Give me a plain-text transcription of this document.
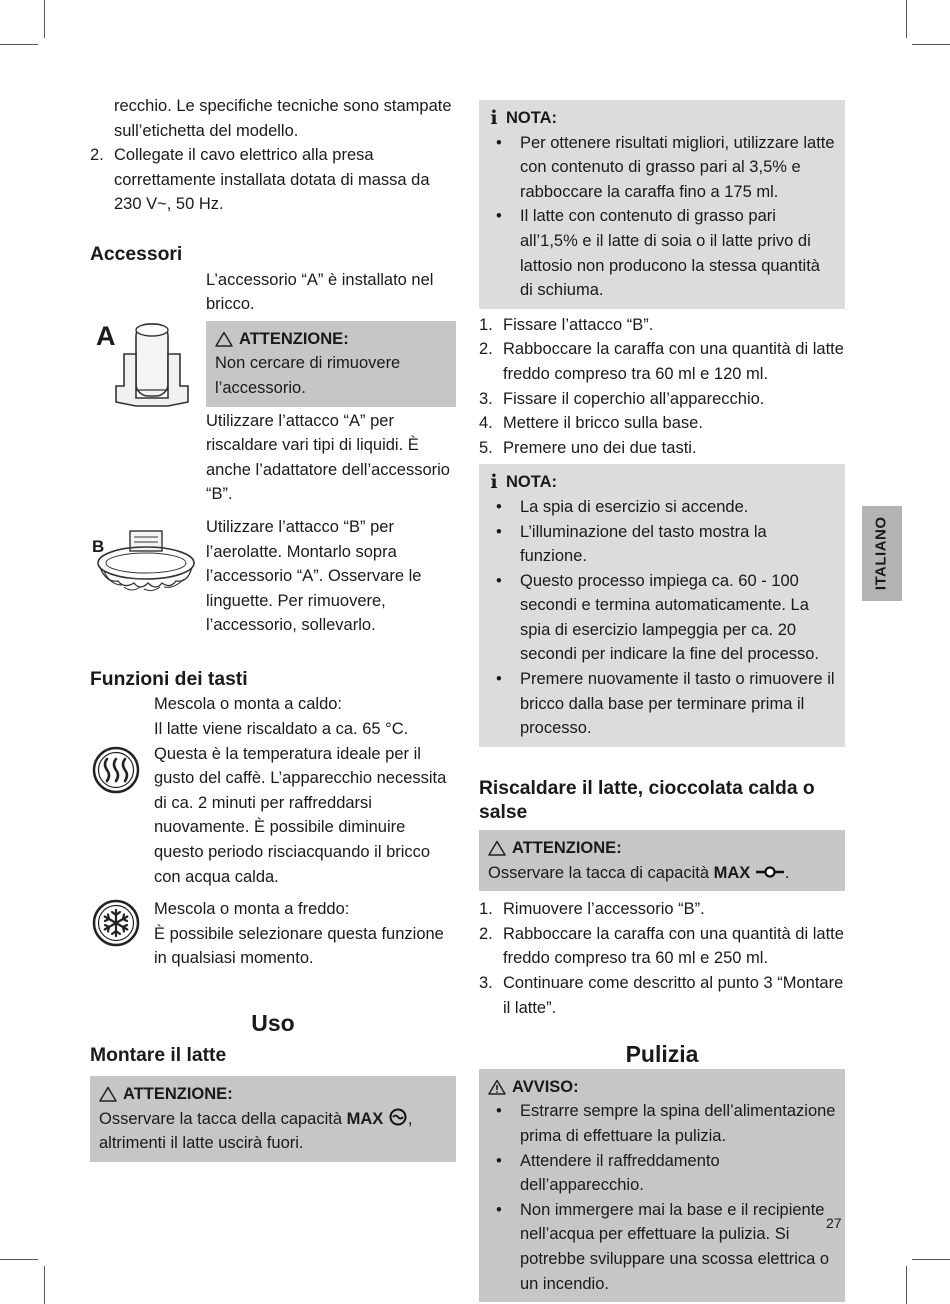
recchio. Le specifiche tecniche sono stampate
sull’etichetta del modello.

2. Collegate il cavo elettrico alla presa correttamente installata dotata di massa da 230 V~, 50 Hz.
Accessori
A

L’accessorio “A” è installato nel bricco.

ATTENZIONE:

Non cercare di rimuovere l’accessorio.

Utilizzare l’attacco “A” per riscaldare vari tipi di liquidi. È anche l’adattatore dell’accessorio “B”.

B

Utilizzare l’attacco “B” per l’aerolatte. Montarlo sopra l’accessorio “A”. Osservare le linguette. Per rimuovere, l’accessorio, sollevarlo.

Funzioni dei tasti

Mescola o monta a caldo:

Il latte viene riscaldato a ca. 65 °C. Questa è la temperatura ideale per il gusto del caffè. L’apparecchio necessita di ca. 2 minuti per raffreddarsi nuovamente. È possibile diminuire questo periodo risciacquando il bricco con acqua calda.

Mescola o monta a freddo:

È possibile selezionare questa funzione in qualsiasi momento.

Uso
Montare il latte
ATTENZIONE:

Osservare la tacca della capacità MAX , altrimenti il latte uscirà fuori.

i NOTA:
• Per ottenere risultati migliori, utilizzare latte con contenuto di grasso pari al 3,5% e rabboccare la caraffa fino a 175 ml.
• Il latte con contenuto di grasso pari all’1,5% e il latte di soia o il latte privo di lattosio non producono la stessa quantità di schiuma.
1. Fissare l’attacco “B”.
2. Rabboccare la caraffa con una quantità di latte freddo compreso tra 60 ml e 120 ml.
3. Fissare il coperchio all’apparecchio.
4. Mettere il bricco sulla base.
5. Premere uno dei due tasti.
i NOTA:
• La spia di esercizio si accende.
• L’illuminazione del tasto mostra la funzione.
• Questo processo impiega ca. 60 - 100 secondi e termina automaticamente. La spia di esercizio lampeggia per ca. 20 secondi per indicare la fine del processo.
• Premere nuovamente il tasto o rimuovere il bricco dalla base per terminare prima il processo.
Riscaldare il latte, cioccolata calda o salse
ATTENZIONE:

Osservare la tacca di capacità MAX .

1. Rimuovere l’accessorio “B”.
2. Rabboccare la caraffa con una quantità di latte freddo compreso tra 60 ml e 250 ml.
3. Continuare come descritto al punto 3 “Montare il latte”.
Pulizia
AVVISO:
• Estrarre sempre la spina dell’alimentazione prima di effettuare la pulizia.
• Attendere il raffreddamento dell’apparecchio.
• Non immergere mai la base e il recipiente nell’acqua per effettuare la pulizia. Si potrebbe sviluppare una scossa elettrica o un incendio.
ITALIANO
27
